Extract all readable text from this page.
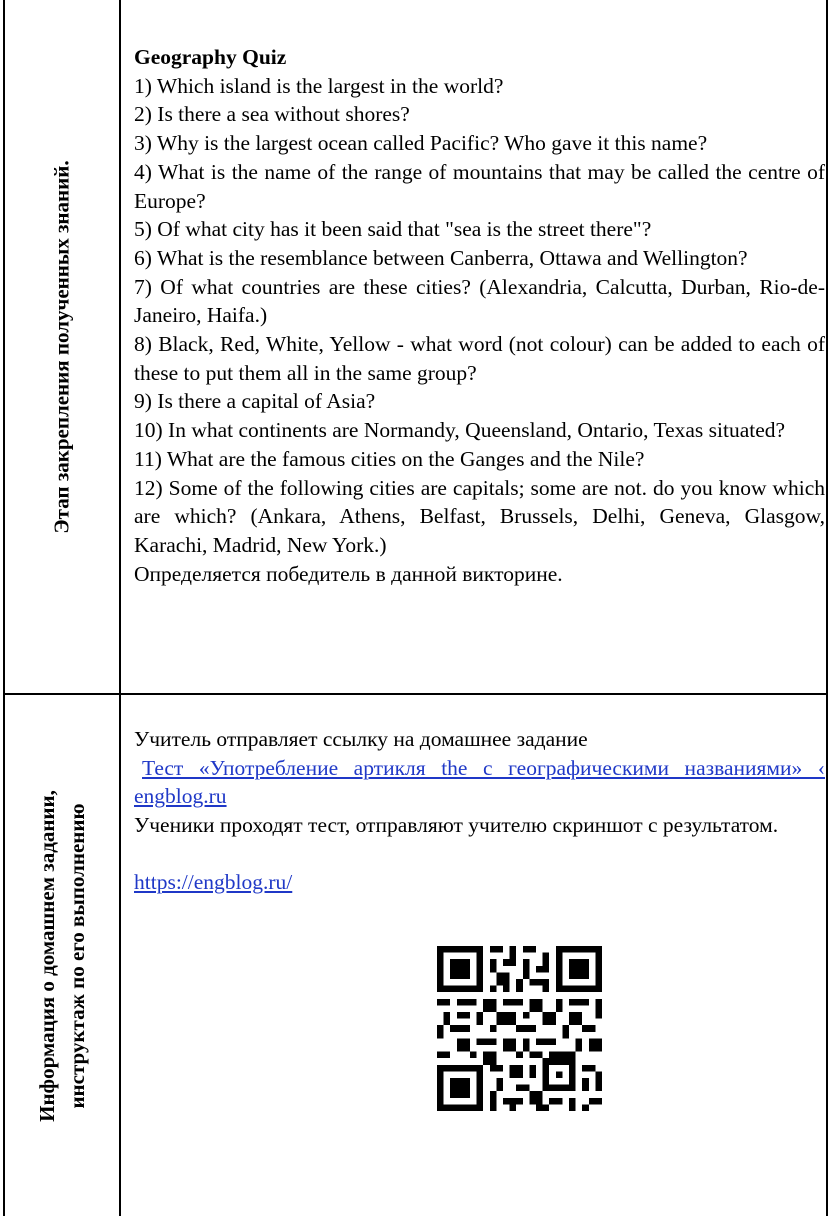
Этап закрепления полученных знаний.

Geography Quiz

1) Which island is the largest in the world?

2) Is there a sea without shores?

3) Why is the largest ocean called Pacific? Who gave it this name?

4) What is the name of the range of mountains that may be called the centre of Europe?

5) Of what city has it been said that "sea is the street there"?

6) What is the resemblance between Canberra, Ottawa and Wellington?

7) Of what countries are these cities? (Alexandria, Calcutta, Durban, Rio-de-Janeiro, Haifa.)

8) Black, Red, White, Yellow - what word (not colour) can be added to each of these to put them all in the same group?

9) Is there a capital of Asia?

10) In what continents are Normandy, Queensland, Ontario, Texas situated?

11) What are the famous cities on the Ganges and the Nile?

12) Some of the following cities are capitals; some are not. do you know which are which? (Ankara, Athens, Belfast, Brussels, Delhi, Geneva, Glasgow, Karachi, Madrid, New York.)

Определяется победитель в данной викторине.

Информация о домашнем задании, инструктаж по его выполнению

Учитель отправляет ссылку на домашнее задание

Тест «Употребление артикля the с географическими названиями» ‹ engblog.ru

Ученики проходят тест, отправляют учителю скриншот с результатом.

https://engblog.ru/
